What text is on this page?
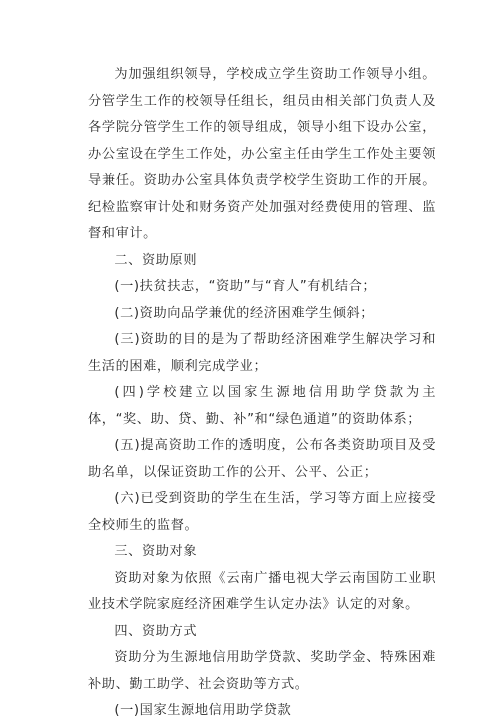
为加强组织领导，学校成立学生资助工作领导小组。分管学生工作的校领导任组长，组员由相关部门负责人及各学院分管学生工作的领导组成，领导小组下设办公室，办公室设在学生工作处，办公室主任由学生工作处主要领导兼任。资助办公室具体负责学校学生资助工作的开展。纪检监察审计处和财务资产处加强对经费使用的管理、监督和审计。

二、资助原则

(一)扶贫扶志，“资助”与“育人”有机结合；

(二)资助向品学兼优的经济困难学生倾斜；

(三)资助的目的是为了帮助经济困难学生解决学习和生活的困难，顺利完成学业；

(四)学校建立以国家生源地信用助学贷款为主体，“奖、助、贷、勤、补”和“绿色通道”的资助体系；

(五)提高资助工作的透明度，公布各类资助项目及受助名单，以保证资助工作的公开、公平、公正；

(六)已受到资助的学生在生活，学习等方面上应接受全校师生的监督。

三、资助对象

资助对象为依照《云南广播电视大学云南国防工业职业技术学院家庭经济困难学生认定办法》认定的对象。

四、资助方式

资助分为生源地信用助学贷款、奖助学金、特殊困难补助、勤工助学、社会资助等方式。

(一)国家生源地信用助学贷款
